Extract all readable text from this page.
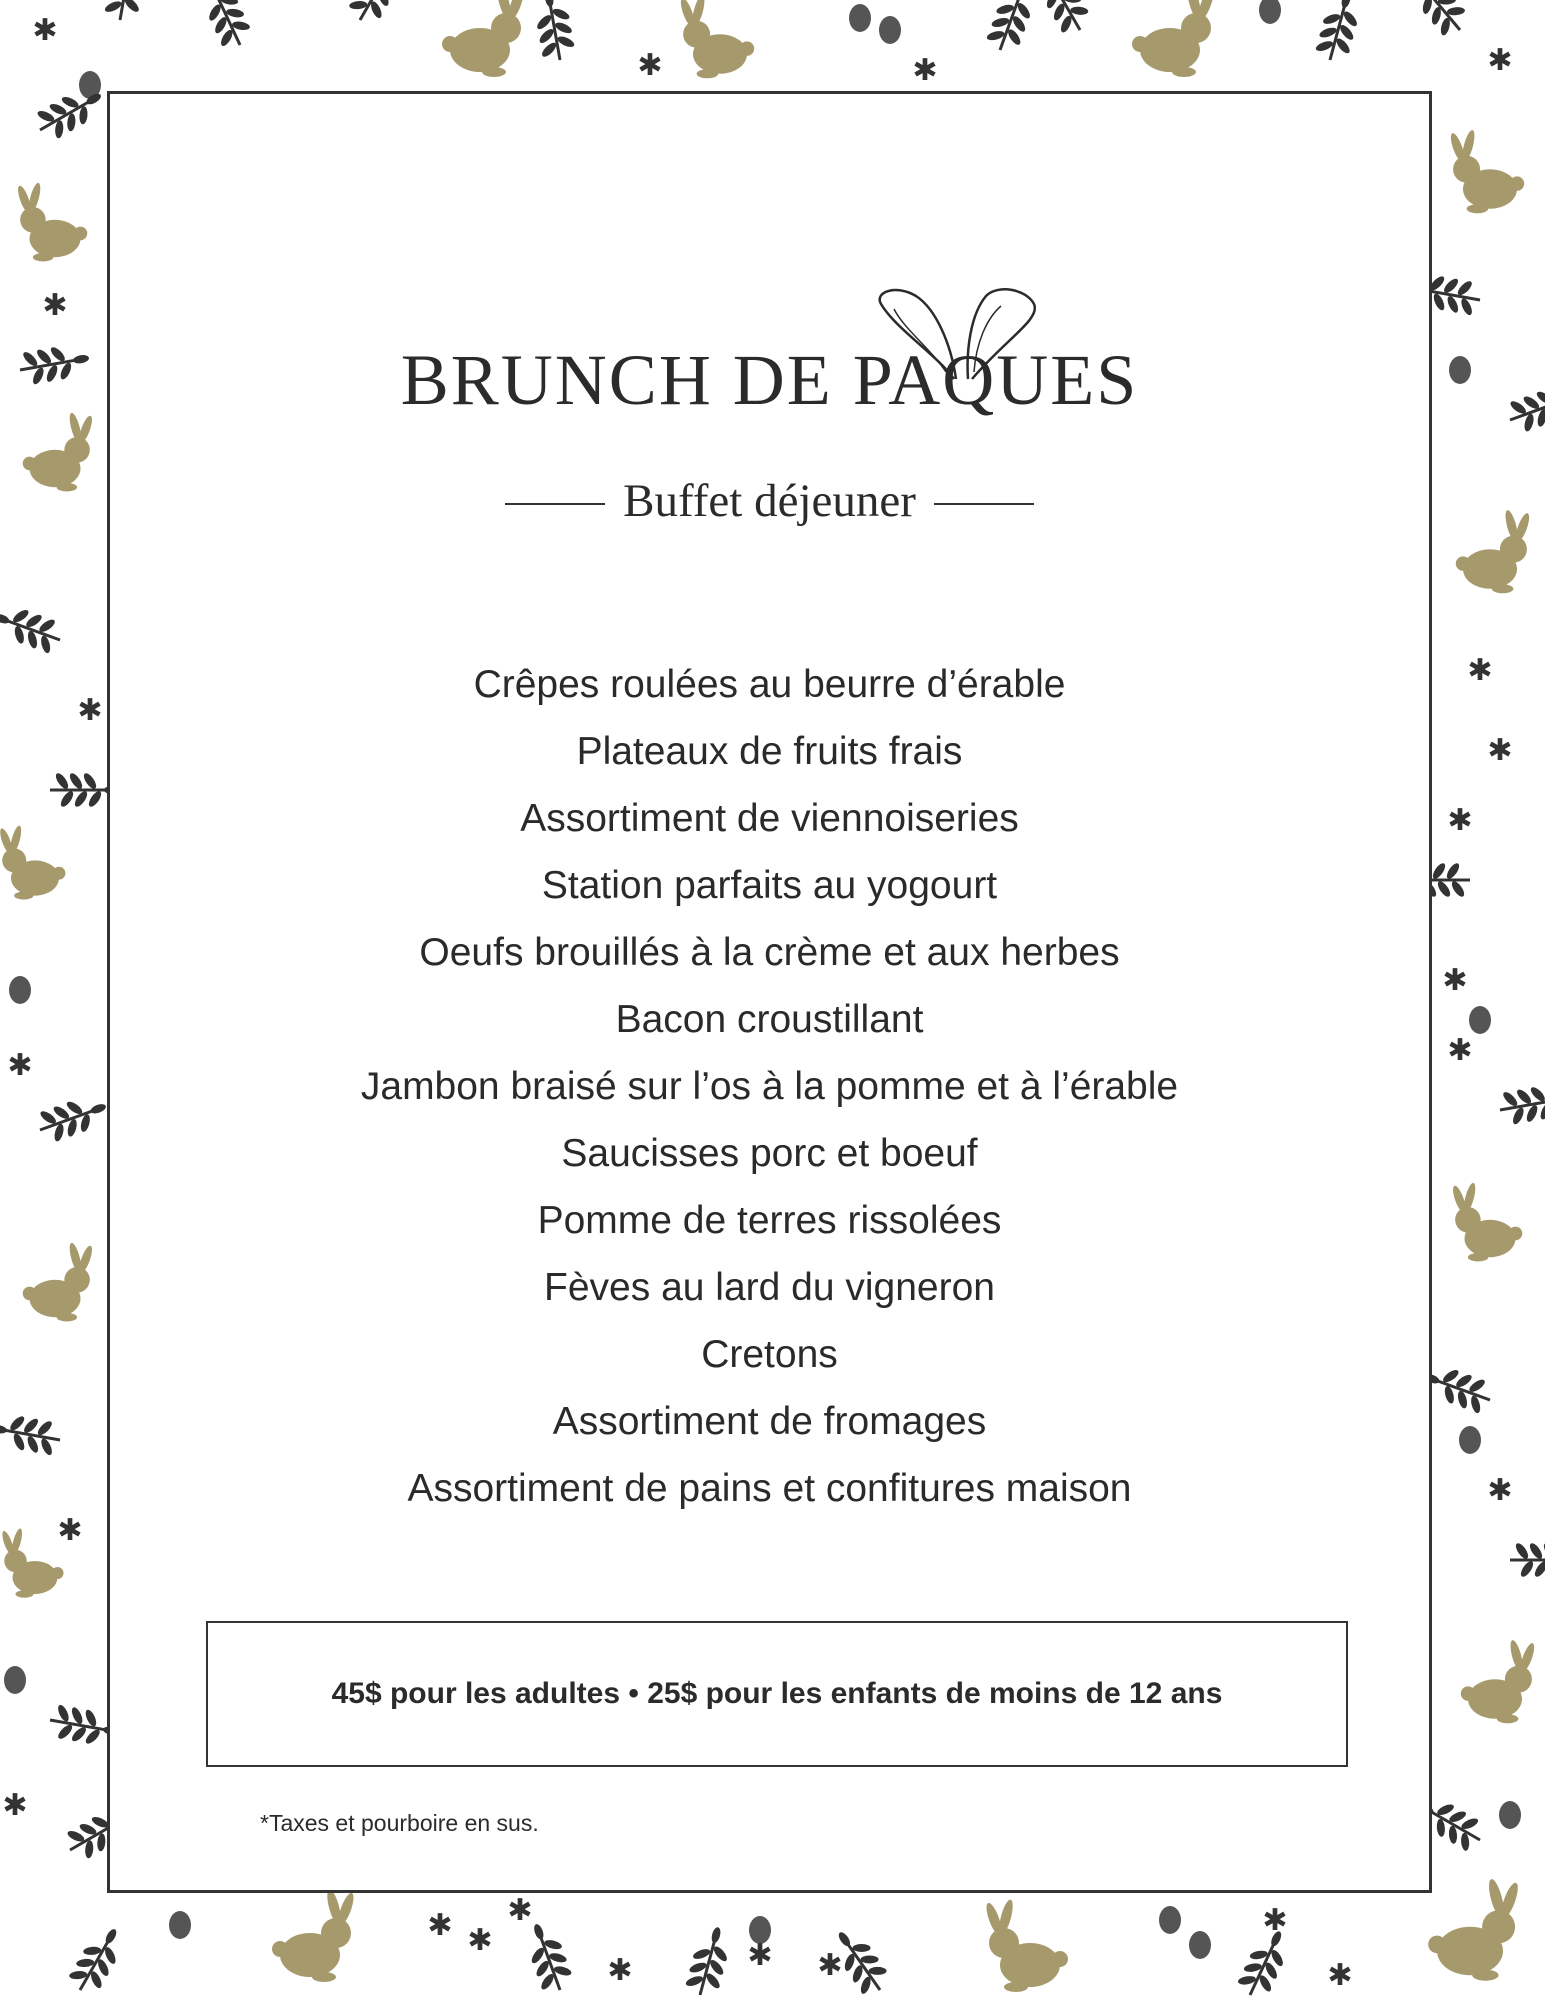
✱
✱	✱	✱
✱ ✱
✱
✱	✱ ✱
✱
✱
✱
✱
✱
✱
✱
✱
✱
✱
✱
✱
✱
BRUNCH DE PAQUES
Buffet déjeuner
Crêpes roulées au beurre d’érable
Plateaux de fruits frais
Assortiment de viennoiseries
Station parfaits au yogourt
Oeufs brouillés à la crème et aux herbes
Bacon croustillant
Jambon braisé sur l’os à la pomme et à l’érable
Saucisses porc et boeuf
Pomme de terres rissolées
Fèves au lard du vigneron
Cretons
Assortiment de fromages
Assortiment de pains et confitures maison
45$ pour les adultes • 25$ pour les enfants de moins de 12 ans
*Taxes et pourboire en sus.
